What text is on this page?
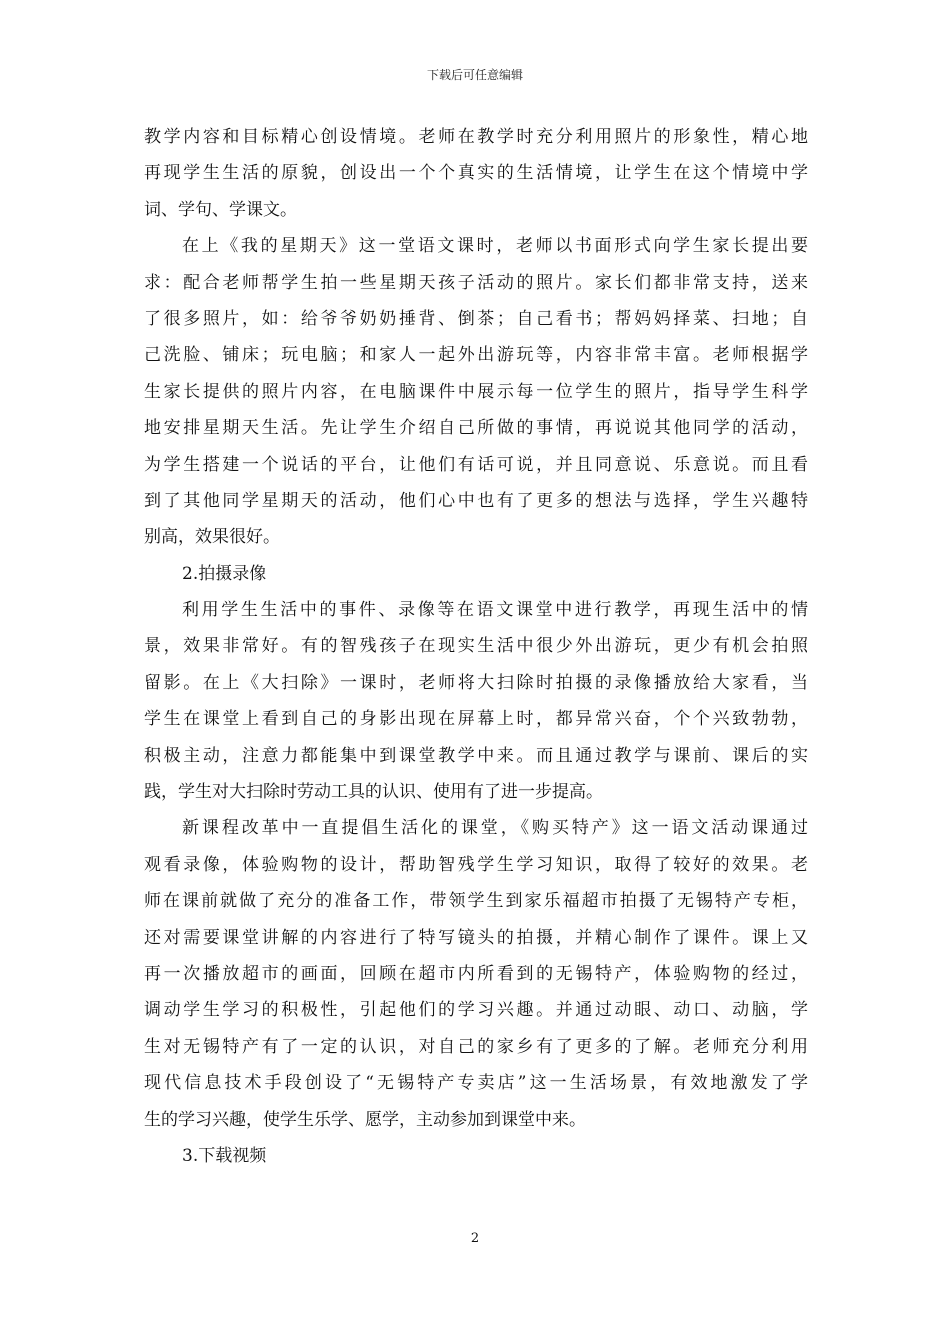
下载后可任意编辑
教学内容和目标精心创设情境。老师在教学时充分利用照片的形象性，精心地
再现学生生活的原貌，创设出一个个真实的生活情境，让学生在这个情境中学
词、学句、学课文。
在上《我的星期天》这一堂语文课时，老师以书面形式向学生家长提出要
求：配合老师帮学生拍一些星期天孩子活动的照片。家长们都非常支持，送来
了很多照片，如：给爷爷奶奶捶背、倒茶；自己看书；帮妈妈择菜、扫地；自
己洗脸、铺床；玩电脑；和家人一起外出游玩等，内容非常丰富。老师根据学
生家长提供的照片内容，在电脑课件中展示每一位学生的照片，指导学生科学
地安排星期天生活。先让学生介绍自己所做的事情，再说说其他同学的活动，
为学生搭建一个说话的平台，让他们有话可说，并且同意说、乐意说。而且看
到了其他同学星期天的活动，他们心中也有了更多的想法与选择，学生兴趣特
别高，效果很好。
2.拍摄录像
利用学生生活中的事件、录像等在语文课堂中进行教学，再现生活中的情
景，效果非常好。有的智残孩子在现实生活中很少外出游玩，更少有机会拍照
留影。在上《大扫除》一课时，老师将大扫除时拍摄的录像播放给大家看，当
学生在课堂上看到自己的身影出现在屏幕上时，都异常兴奋，个个兴致勃勃，
积极主动，注意力都能集中到课堂教学中来。而且通过教学与课前、课后的实
践，学生对大扫除时劳动工具的认识、使用有了进一步提高。
新课程改革中一直提倡生活化的课堂，《购买特产》这一语文活动课通过
观看录像，体验购物的设计，帮助智残学生学习知识，取得了较好的效果。老
师在课前就做了充分的准备工作，带领学生到家乐福超市拍摄了无锡特产专柜，
还对需要课堂讲解的内容进行了特写镜头的拍摄，并精心制作了课件。课上又
再一次播放超市的画面，回顾在超市内所看到的无锡特产，体验购物的经过，
调动学生学习的积极性，引起他们的学习兴趣。并通过动眼、动口、动脑，学
生对无锡特产有了一定的认识，对自己的家乡有了更多的了解。老师充分利用
现代信息技术手段创设了“无锡特产专卖店”这一生活场景，有效地激发了学
生的学习兴趣，使学生乐学、愿学，主动参加到课堂中来。
3.下载视频
2
